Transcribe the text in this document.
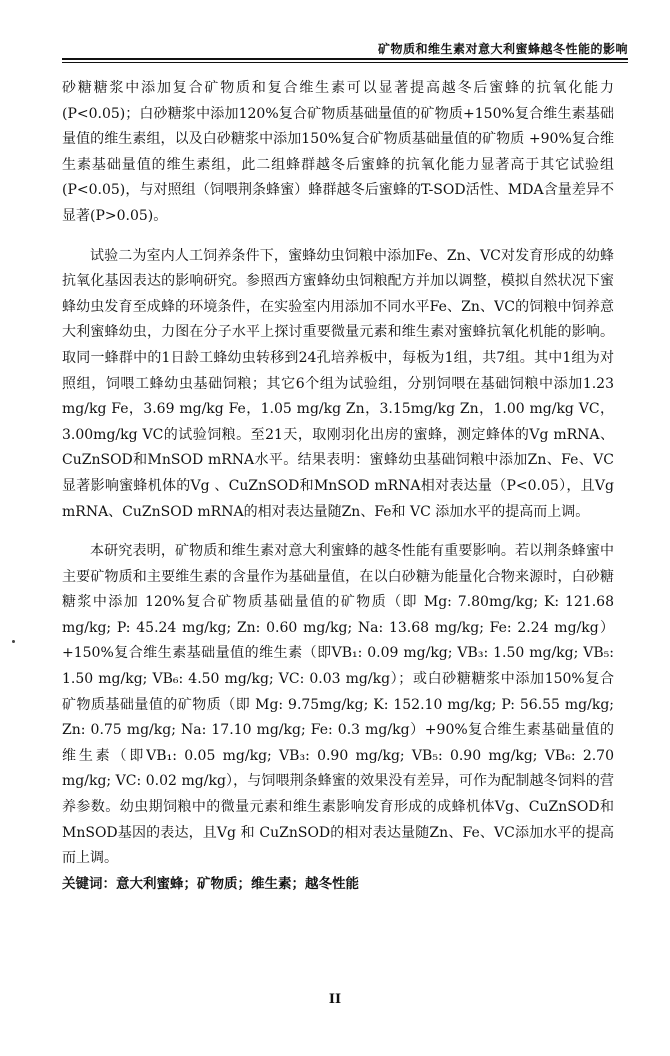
矿物质和维生素对意大利蜜蜂越冬性能的影响

砂糖糖浆中添加复合矿物质和复合维生素可以显著提高越冬后蜜蜂的抗氧化能力(P<0.05)；白砂糖浆中添加120%复合矿物质基础量值的矿物质+150%复合维生素基础量值的维生素组，以及白砂糖浆中添加150%复合矿物质基础量值的矿物质 +90%复合维生素基础量值的维生素组，此二组蜂群越冬后蜜蜂的抗氧化能力显著高于其它试验组(P<0.05)，与对照组（饲喂荆条蜂蜜）蜂群越冬后蜜蜂的T-SOD活性、MDA含量差异不显著(P>0.05)。

试验二为室内人工饲养条件下，蜜蜂幼虫饲粮中添加Fe、Zn、VC对发育形成的幼蜂抗氧化基因表达的影响研究。参照西方蜜蜂幼虫饲粮配方并加以调整，模拟自然状况下蜜蜂幼虫发育至成蜂的环境条件，在实验室内用添加不同水平Fe、Zn、VC的饲粮中饲养意大利蜜蜂幼虫，力图在分子水平上探讨重要微量元素和维生素对蜜蜂抗氧化机能的影响。取同一蜂群中的1日龄工蜂幼虫转移到24孔培养板中，每板为1组，共7组。其中1组为对照组，饲喂工蜂幼虫基础饲粮；其它6个组为试验组，分别饲喂在基础饲粮中添加1.23 mg/kg Fe，3.69 mg/kg Fe，1.05 mg/kg Zn，3.15mg/kg Zn，1.00 mg/kg VC，3.00mg/kg VC的试验饲粮。至21天，取刚羽化出房的蜜蜂，测定蜂体的Vg mRNA、CuZnSOD和MnSOD mRNA水平。结果表明：蜜蜂幼虫基础饲粮中添加Zn、Fe、VC显著影响蜜蜂机体的Vg 、CuZnSOD和MnSOD mRNA相对表达量（P<0.05），且Vg mRNA、CuZnSOD mRNA的相对表达量随Zn、Fe和 VC 添加水平的提高而上调。

本研究表明，矿物质和维生素对意大利蜜蜂的越冬性能有重要影响。若以荆条蜂蜜中主要矿物质和主要维生素的含量作为基础量值，在以白砂糖为能量化合物来源时，白砂糖糖浆中添加 120%复合矿物质基础量值的矿物质（即 Mg: 7.80mg/kg; K: 121.68 mg/kg; P: 45.24 mg/kg; Zn: 0.60 mg/kg; Na: 13.68 mg/kg; Fe: 2.24 mg/kg） +150%复合维生素基础量值的维生素（即VB₁: 0.09 mg/kg; VB₃: 1.50 mg/kg; VB₅: 1.50 mg/kg; VB₆: 4.50 mg/kg; VC: 0.03 mg/kg）；或白砂糖糖浆中添加150%复合矿物质基础量值的矿物质（即 Mg: 9.75mg/kg; K: 152.10 mg/kg; P: 56.55 mg/kg; Zn: 0.75 mg/kg; Na: 17.10 mg/kg; Fe: 0.3 mg/kg）+90%复合维生素基础量值的维生素（即VB₁: 0.05 mg/kg; VB₃: 0.90 mg/kg; VB₅: 0.90 mg/kg; VB₆: 2.70 mg/kg; VC: 0.02 mg/kg），与饲喂荆条蜂蜜的效果没有差异，可作为配制越冬饲料的营养参数。幼虫期饲粮中的微量元素和维生素影响发育形成的成蜂机体Vg、CuZnSOD和MnSOD基因的表达，且Vg 和 CuZnSOD的相对表达量随Zn、Fe、VC添加水平的提高而上调。

关键词：意大利蜜蜂；矿物质；维生素；越冬性能

II
